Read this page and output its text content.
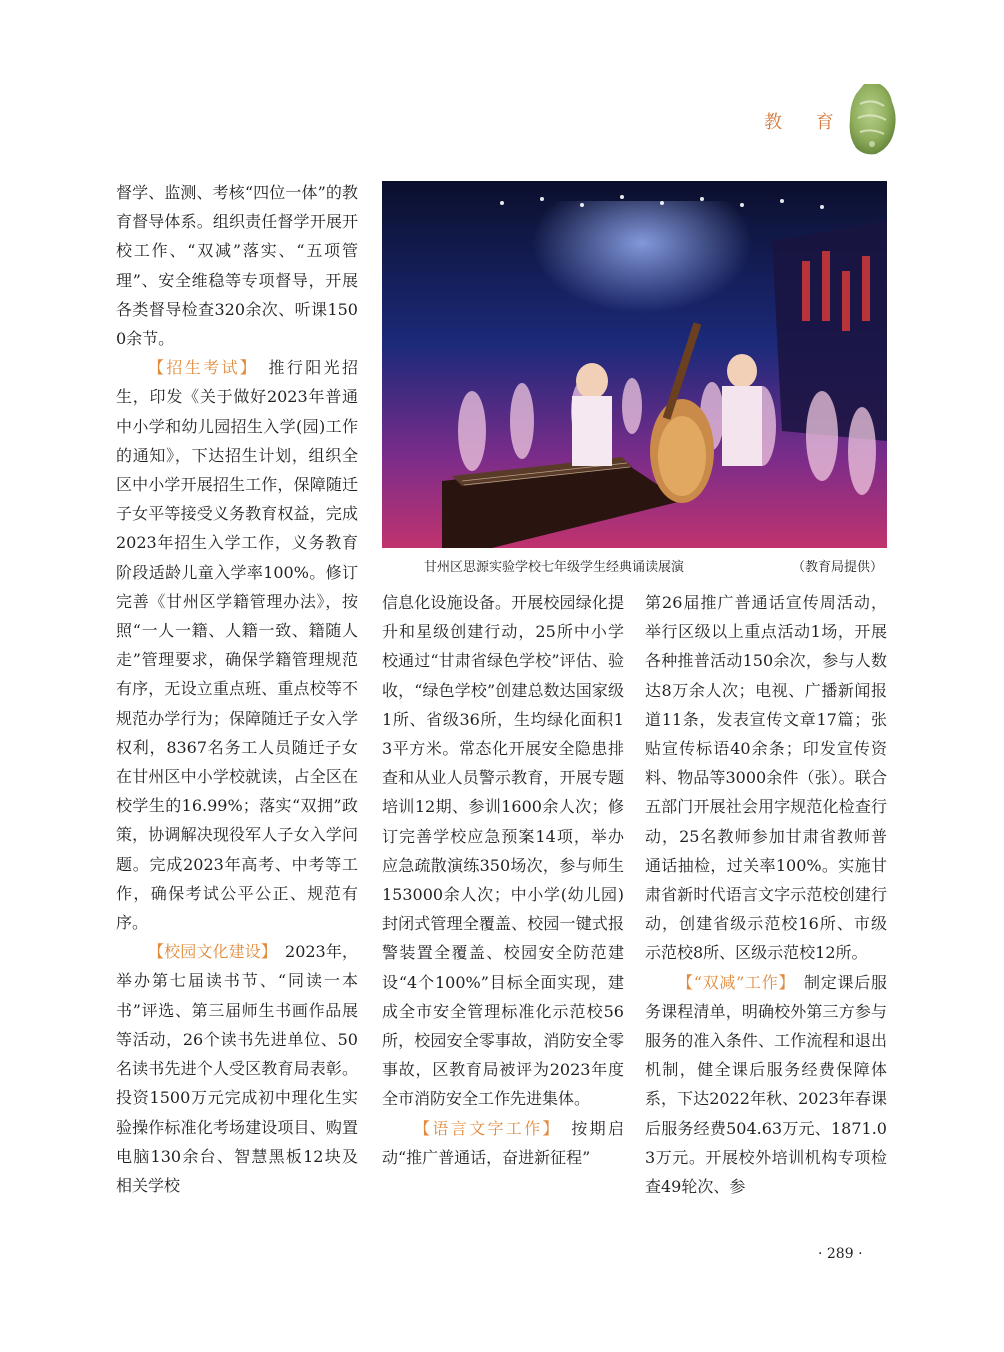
教 育

督学、监测、考核“四位一体”的教育督导体系。组织责任督学开展开校工作、“双减”落实、“五项管理”、安全维稳等专项督导，开展各类督导检查320余次、听课1500余节。

【招生考试】  推行阳光招生，印发《关于做好2023年普通中小学和幼儿园招生入学(园)工作的通知》，下达招生计划，组织全区中小学开展招生工作，保障随迁子女平等接受义务教育权益，完成2023年招生入学工作，义务教育阶段适龄儿童入学率100%。修订完善《甘州区学籍管理办法》，按照“一人一籍、人籍一致、籍随人走”管理要求，确保学籍管理规范有序，无设立重点班、重点校等不规范办学行为；保障随迁子女入学权利，8367名务工人员随迁子女在甘州区中小学校就读，占全区在校学生的16.99%；落实“双拥”政策，协调解决现役军人子女入学问题。完成2023年高考、中考等工作，确保考试公平公正、规范有序。

【校园文化建设】  2023年，举办第七届读书节、“同读一本书”评选、第三届师生书画作品展等活动，26个读书先进单位、50名读书先进个人受区教育局表彰。投资1500万元完成初中理化生实验操作标准化考场建设项目、购置电脑130余台、智慧黑板12块及相关学校

甘州区思源实验学校七年级学生经典诵读展演	（教育局提供）

信息化设施设备。开展校园绿化提升和星级创建行动，25所中小学校通过“甘肃省绿色学校”评估、验收，“绿色学校”创建总数达国家级1所、省级36所，生均绿化面积13平方米。常态化开展安全隐患排查和从业人员警示教育，开展专题培训12期、参训1600余人次；修订完善学校应急预案14项，举办应急疏散演练350场次，参与师生153000余人次；中小学(幼儿园)封闭式管理全覆盖、校园一键式报警装置全覆盖、校园安全防范建设“4个100%”目标全面实现，建成全市安全管理标准化示范校56所，校园安全零事故，消防安全零事故，区教育局被评为2023年度全市消防安全工作先进集体。

【语言文字工作】  按期启动“推广普通话，奋进新征程”

第26届推广普通话宣传周活动，举行区级以上重点活动1场，开展各种推普活动150余次，参与人数达8万余人次；电视、广播新闻报道11条，发表宣传文章17篇；张贴宣传标语40余条；印发宣传资料、物品等3000余件（张）。联合五部门开展社会用字规范化检查行动，25名教师参加甘肃省教师普通话抽检，过关率100%。实施甘肃省新时代语言文字示范校创建行动，创建省级示范校16所、市级示范校8所、区级示范校12所。

【“双减”工作】  制定课后服务课程清单，明确校外第三方参与服务的准入条件、工作流程和退出机制，健全课后服务经费保障体系，下达2022年秋、2023年春课后服务经费504.63万元、1871.03万元。开展校外培训机构专项检查49轮次、参

· 289 ·
